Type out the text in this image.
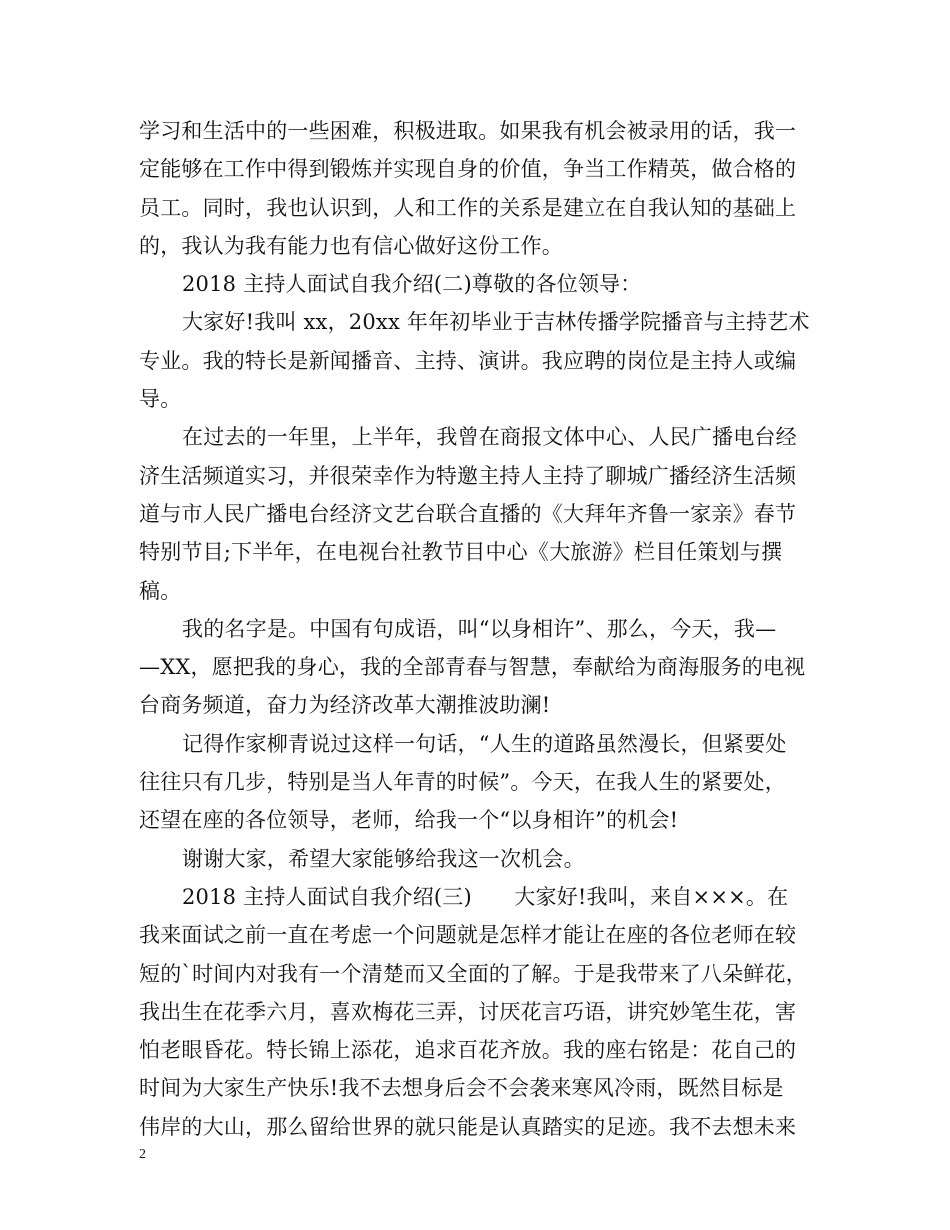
学习和生活中的一些困难，积极进取。如果我有机会被录用的话，我一
定能够在工作中得到锻炼并实现自身的价值，争当工作精英，做合格的
员工。同时，我也认识到，人和工作的关系是建立在自我认知的基础上
的，我认为我有能力也有信心做好这份工作。
2018 主持人面试自我介绍(二)尊敬的各位领导：
大家好!我叫 xx，20xx 年年初毕业于吉林传播学院播音与主持艺术
专业。我的特长是新闻播音、主持、演讲。我应聘的岗位是主持人或编
导。
在过去的一年里，上半年，我曾在商报文体中心、人民广播电台经
济生活频道实习，并很荣幸作为特邀主持人主持了聊城广播经济生活频
道与市人民广播电台经济文艺台联合直播的《大拜年齐鲁一家亲》春节
特别节目;下半年，在电视台社教节目中心《大旅游》栏目任策划与撰
稿。
我的名字是。中国有句成语，叫“以身相许”、那么，今天，我—
—XX，愿把我的身心，我的全部青春与智慧，奉献给为商海服务的电视
台商务频道，奋力为经济改革大潮推波助澜!
记得作家柳青说过这样一句话，“人生的道路虽然漫长，但紧要处
往往只有几步，特别是当人年青的时候”。今天，在我人生的紧要处，
还望在座的各位领导，老师，给我一个“以身相许”的机会!
谢谢大家，希望大家能够给我这一次机会。
2018 主持人面试自我介绍(三)　　大家好!我叫，来自×××。在
我来面试之前一直在考虑一个问题就是怎样才能让在座的各位老师在较
短的`时间内对我有一个清楚而又全面的了解。于是我带来了八朵鲜花，
我出生在花季六月，喜欢梅花三弄，讨厌花言巧语，讲究妙笔生花，害
怕老眼昏花。特长锦上添花，追求百花齐放。我的座右铭是：花自己的
时间为大家生产快乐!我不去想身后会不会袭来寒风冷雨，既然目标是
伟岸的大山，那么留给世界的就只能是认真踏实的足迹。我不去想未来
2
